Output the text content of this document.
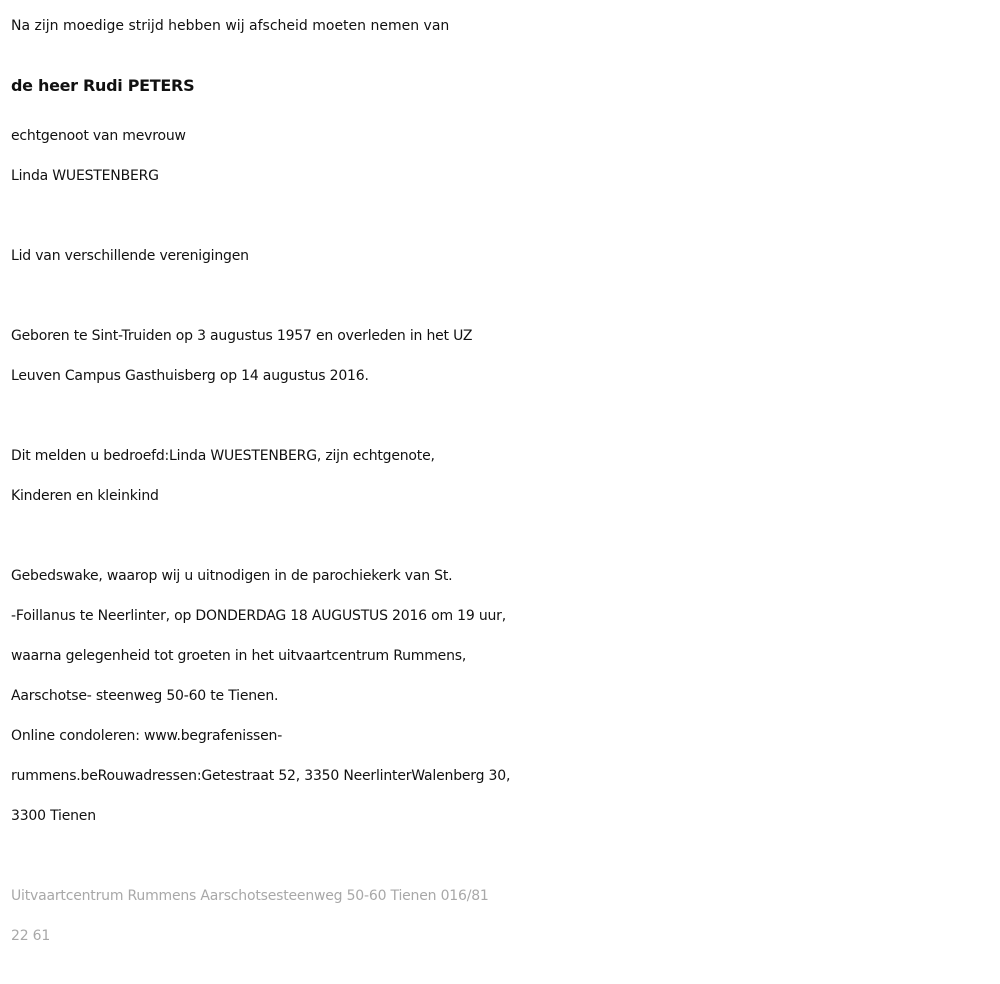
Na zijn moedige strijd hebben wij afscheid moeten nemen van
de heer Rudi PETERS
echtgenoot van mevrouw
Linda WUESTENBERG
Lid van verschillende verenigingen
Geboren te Sint-Truiden op 3 augustus 1957 en overleden in het UZ
Leuven Campus Gasthuisberg op 14 augustus 2016.
Dit melden u bedroefd:Linda WUESTENBERG, zijn echtgenote,
Kinderen en kleinkind
Gebedswake, waarop wij u uitnodigen in de parochiekerk van St.
-Foillanus te Neerlinter, op DONDERDAG 18 AUGUSTUS 2016 om 19 uur,
waarna gelegenheid tot groeten in het uitvaartcentrum Rummens,
Aarschotse- steenweg 50-60 te Tienen.
Online condoleren: www.begrafenissen-
rummens.beRouwadressen:Getestraat 52, 3350 NeerlinterWalenberg 30,
3300 Tienen
Uitvaartcentrum Rummens Aarschotsesteenweg 50-60 Tienen 016/81
22 61
